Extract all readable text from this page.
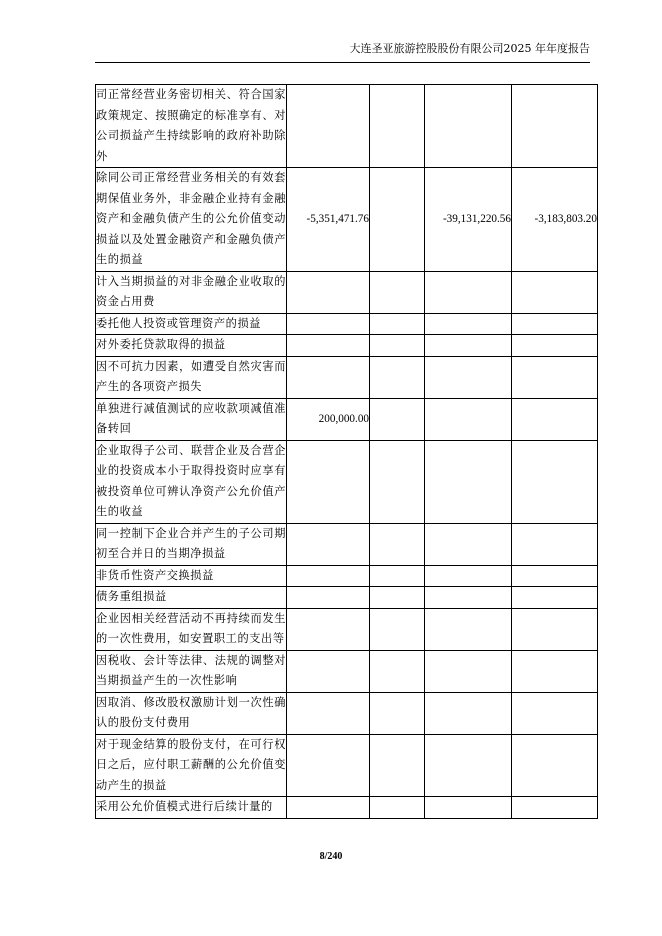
大连圣亚旅游控股股份有限公司2025 年年度报告
司正常经营业务密切相关、符合国家政策规定、按照确定的标准享有、对公司损益产生持续影响的政府补助除外				
除同公司正常经营业务相关的有效套期保值业务外，非金融企业持有金融资产和金融负债产生的公允价值变动损益以及处置金融资产和金融负债产生的损益	-5,351,471.76		-39,131,220.56	-3,183,803.20
计入当期损益的对非金融企业收取的资金占用费				
委托他人投资或管理资产的损益				
对外委托贷款取得的损益				
因不可抗力因素，如遭受自然灾害而产生的各项资产损失				
单独进行减值测试的应收款项减值准备转回	200,000.00			
企业取得子公司、联营企业及合营企业的投资成本小于取得投资时应享有被投资单位可辨认净资产公允价值产生的收益				
同一控制下企业合并产生的子公司期初至合并日的当期净损益				
非货币性资产交换损益				
债务重组损益				
企业因相关经营活动不再持续而发生的一次性费用，如安置职工的支出等				
因税收、会计等法律、法规的调整对当期损益产生的一次性影响				
因取消、修改股权激励计划一次性确认的股份支付费用				
对于现金结算的股份支付，在可行权日之后，应付职工薪酬的公允价值变动产生的损益				
采用公允价值模式进行后续计量的				
8/240
